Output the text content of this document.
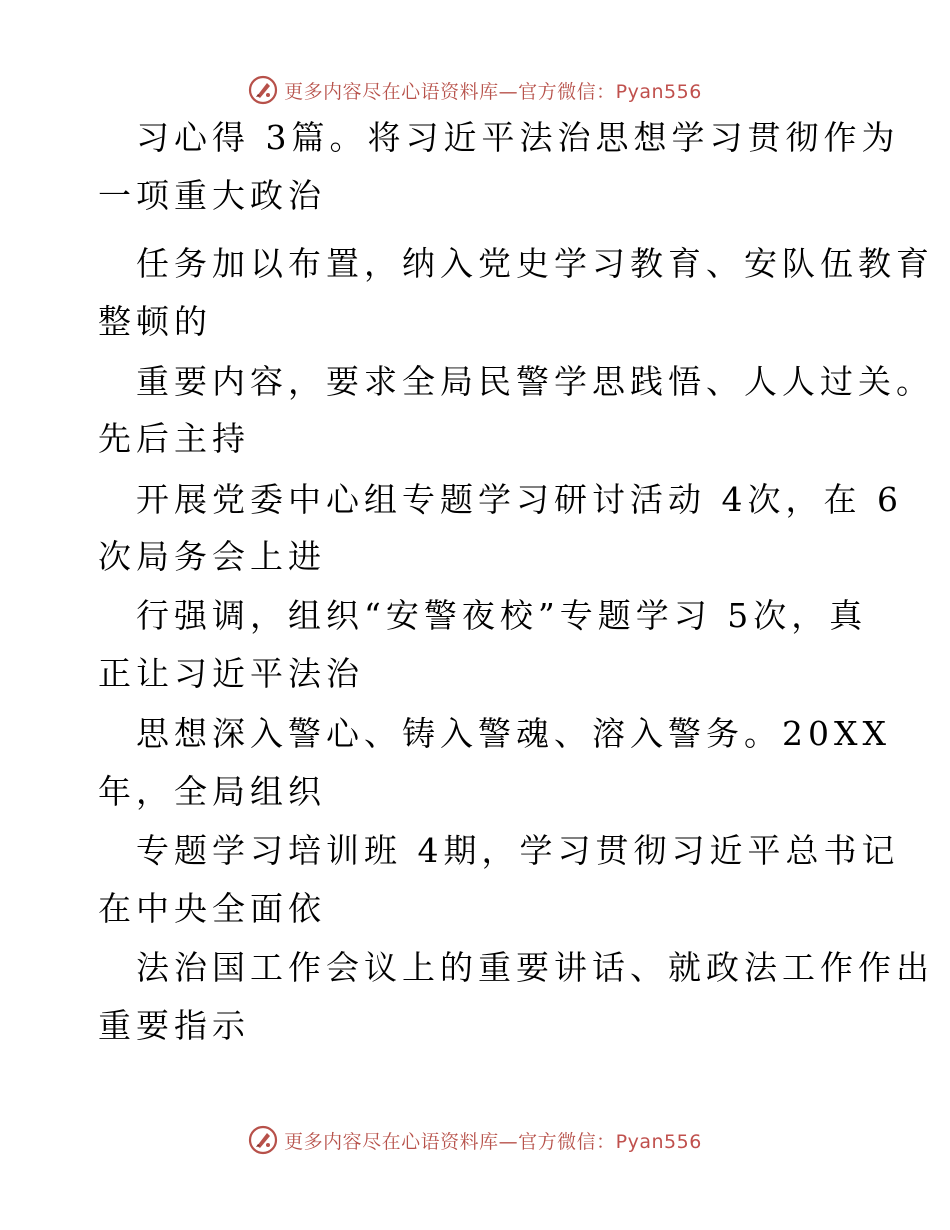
更多内容尽在心语资料库—官方微信：Pyan556
习心得 3篇。将习近平法治思想学习贯彻作为
一项重大政治
任务加以布置，纳入党史学习教育、安队伍教育
整顿的
重要内容，要求全局民警学思践悟、人人过关。
先后主持
开展党委中心组专题学习研讨活动 4次，在 6
次局务会上进
行强调，组织“安警夜校”专题学习 5次，真
正让习近平法治
思想深入警心、铸入警魂、溶入警务。20XX
年，全局组织
专题学习培训班 4期，学习贯彻习近平总书记
在中央全面依
法治国工作会议上的重要讲话、就政法工作作出
重要指示
更多内容尽在心语资料库—官方微信：Pyan556
